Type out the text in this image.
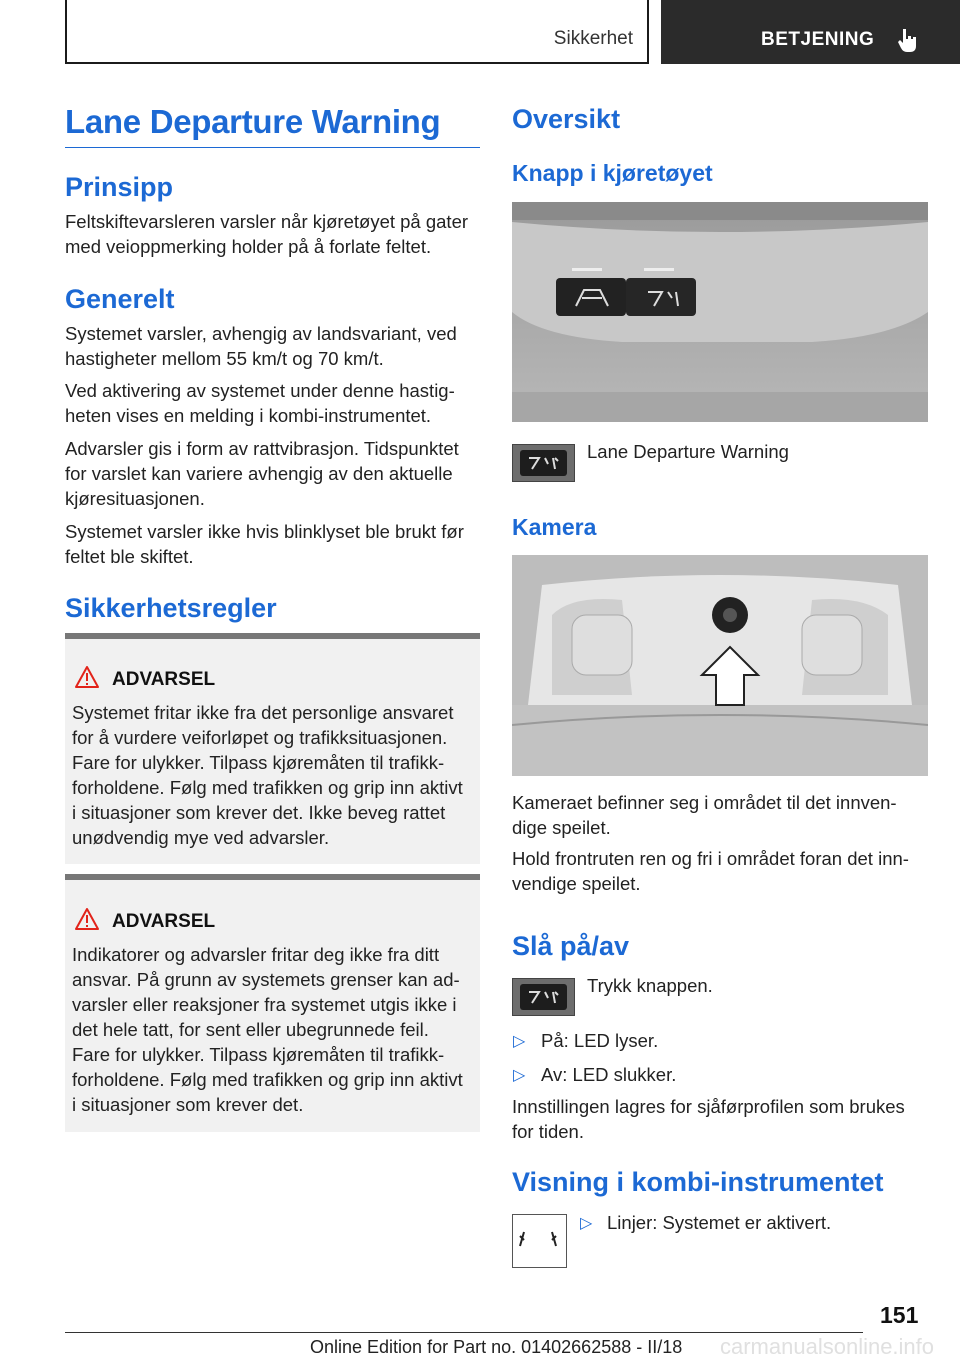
Sikkerhet	BETJENING
Lane Departure Warning
Prinsipp
Feltskiftevarsleren varsler når kjøretøyet på gater
med veioppmerking holder på å forlate feltet.
Generelt
Systemet varsler, avhengig av landsvariant, ved
hastigheter mellom 55 km/t og 70 km/t.
Ved aktivering av systemet under denne hastig-
heten vises en melding i kombi-instrumentet.
Advarsler gis i form av rattvibrasjon. Tidspunktet
for varslet kan variere avhengig av den aktuelle
kjøresituasjonen.
Systemet varsler ikke hvis blinklyset ble brukt før
feltet ble skiftet.
Sikkerhetsregler
ADVARSEL
Systemet fritar ikke fra det personlige ansvaret
for å vurdere veiforløpet og trafikksituasjonen.
Fare for ulykker. Tilpass kjøremåten til trafikk-
forholdene. Følg med trafikken og grip inn aktivt
i situasjoner som krever det. Ikke beveg rattet
unødvendig mye ved advarsler.
ADVARSEL
Indikatorer og advarsler fritar deg ikke fra ditt
ansvar. På grunn av systemets grenser kan ad-
varsler eller reaksjoner fra systemet utgis ikke i
det hele tatt, for sent eller ubegrunnede feil.
Fare for ulykker. Tilpass kjøremåten til trafikk-
forholdene. Følg med trafikken og grip inn aktivt
i situasjoner som krever det.
Oversikt
Knapp i kjøretøyet
Lane Departure Warning
Kamera
Kameraet befinner seg i området til det innven-
dige speilet.
Hold frontruten ren og fri i området foran det inn-
vendige speilet.
Slå på/av
Trykk knappen.
▷ På: LED lyser.
▷ Av: LED slukker.
Innstillingen lagres for sjåførprofilen som brukes
for tiden.
Visning i kombi-instrumentet
▷ Linjer: Systemet er aktivert.
151
carmanualsonline.info
Online Edition for Part no. 01402662588 - II/18
